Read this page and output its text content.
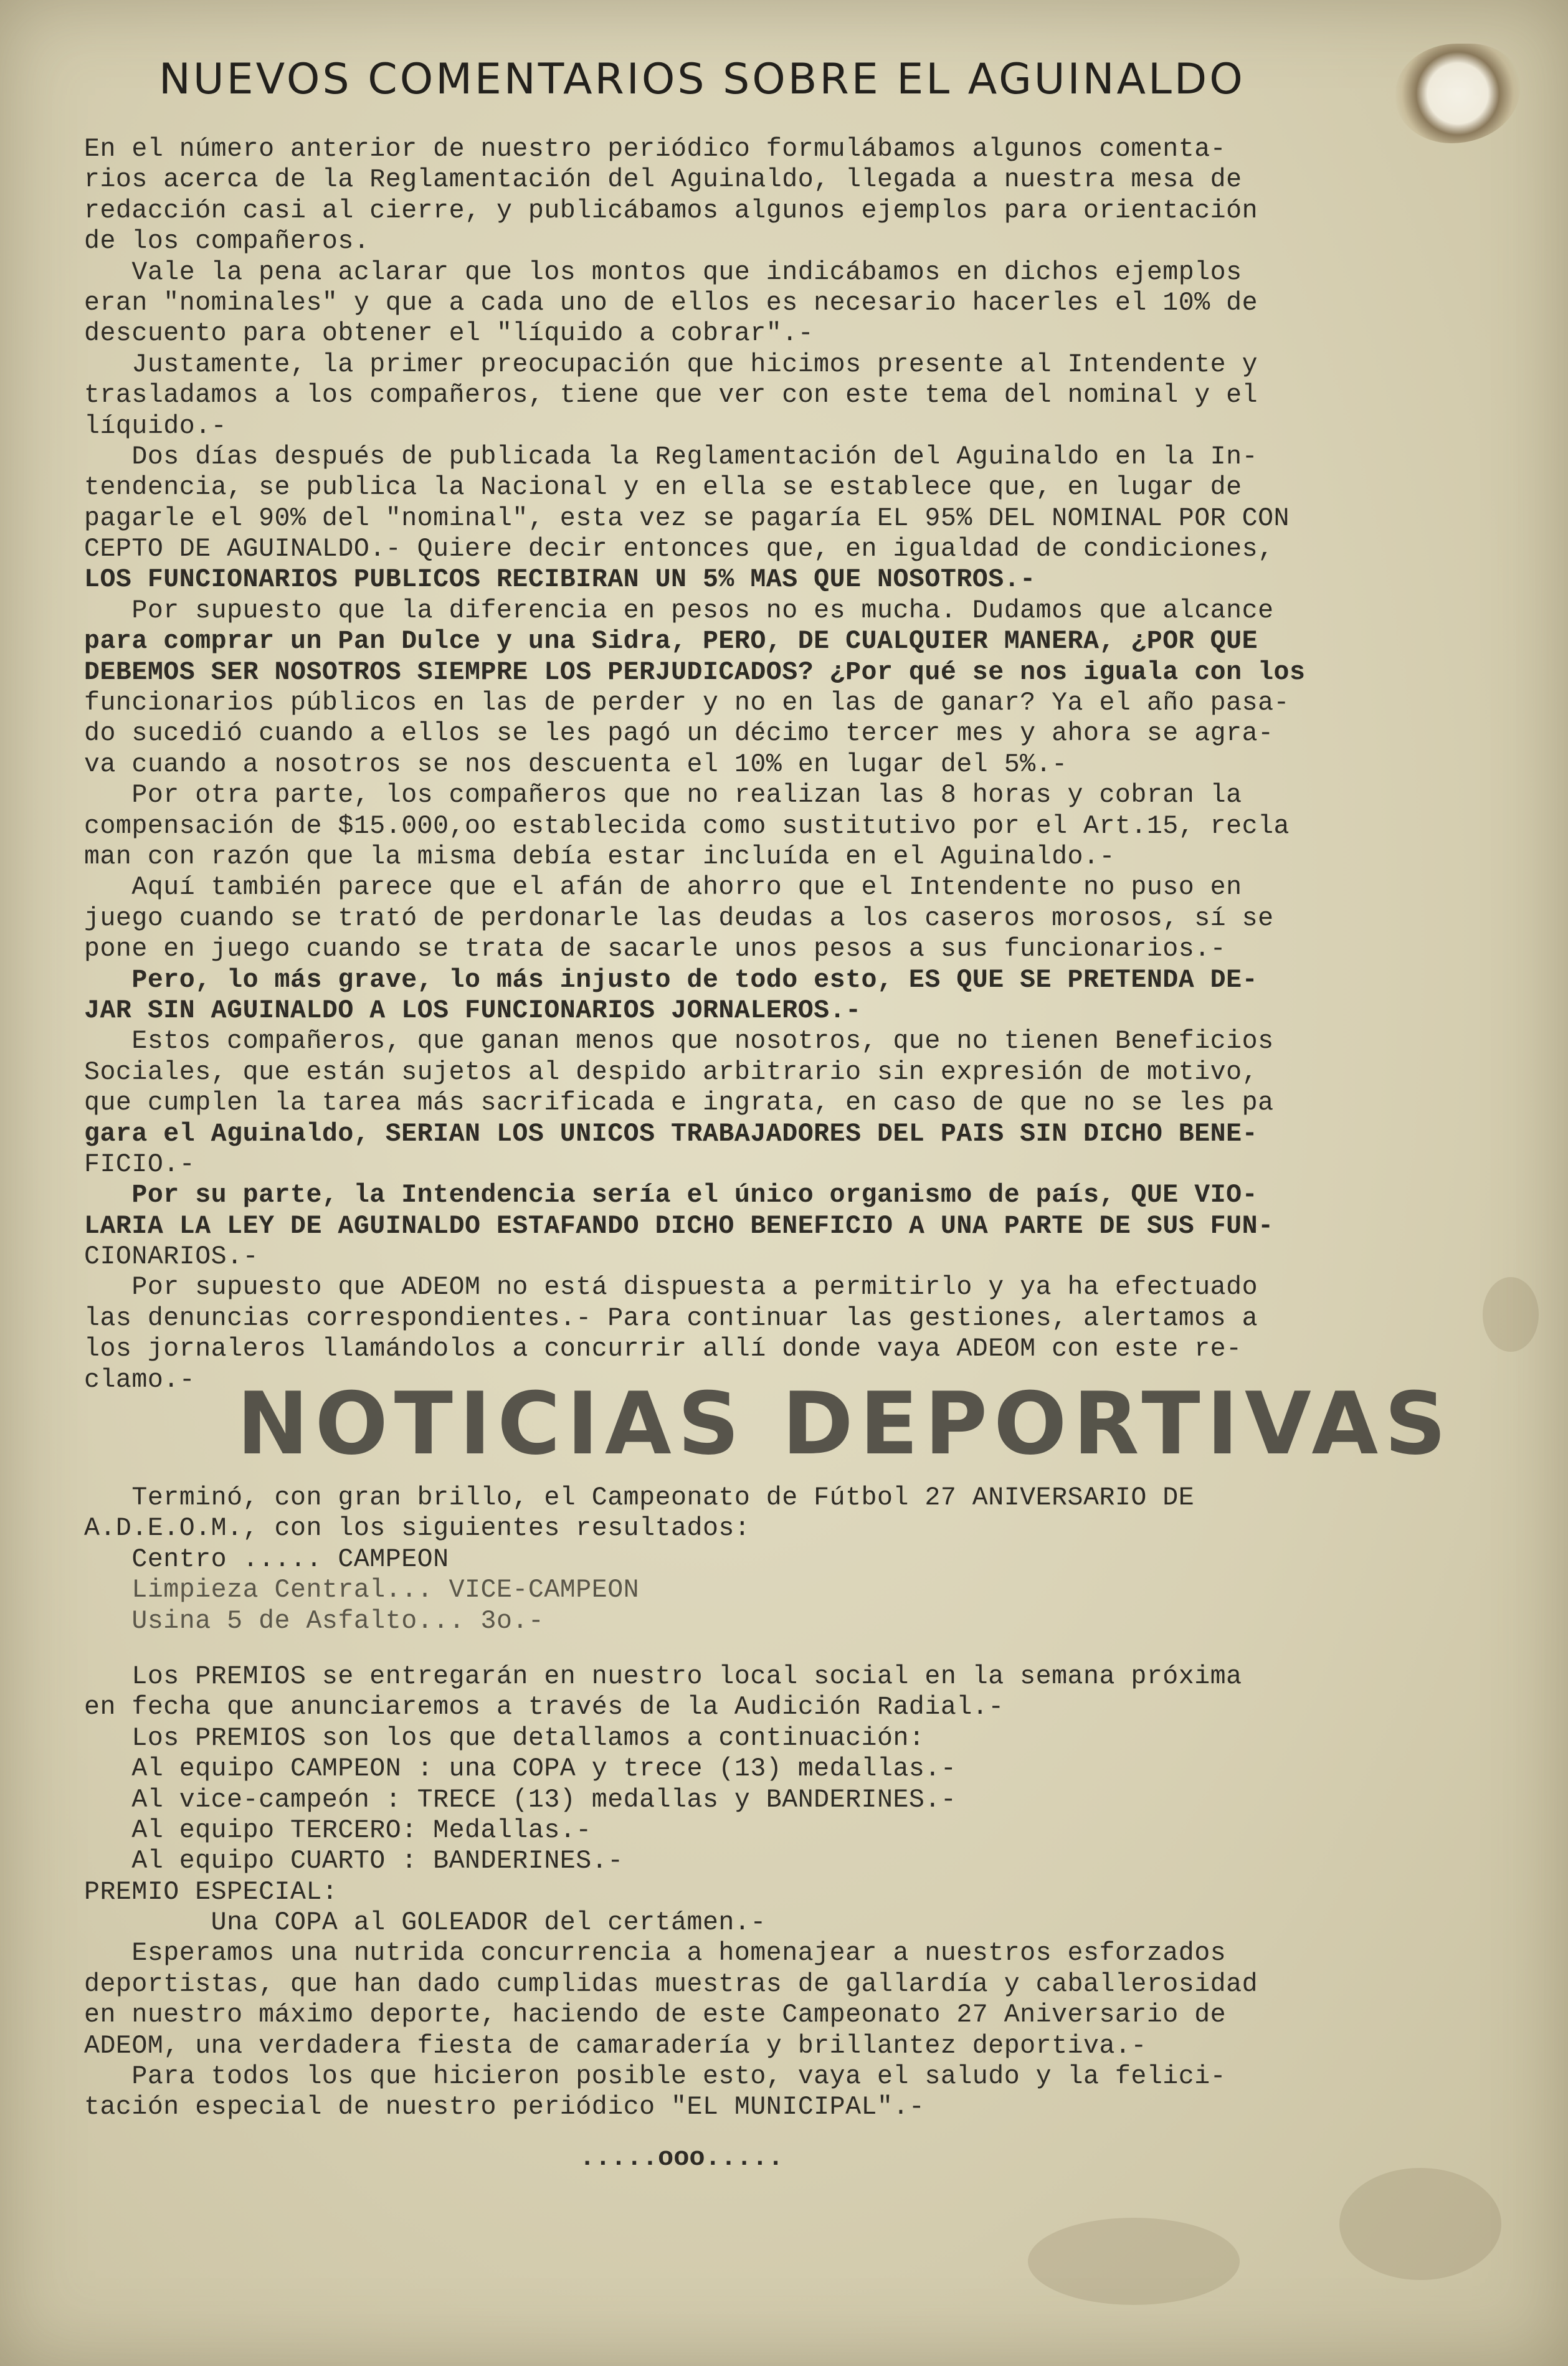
NUEVOS COMENTARIOS SOBRE EL AGUINALDO
En el número anterior de nuestro periódico formulábamos algunos comenta-
rios acerca de la Reglamentación del Aguinaldo, llegada a nuestra mesa de
redacción casi al cierre, y publicábamos algunos ejemplos para orientación
de los compañeros.
Vale la pena aclarar que los montos que indicábamos en dichos ejemplos
eran "nominales" y que a cada uno de ellos es necesario hacerles el 10% de
descuento para obtener el "líquido a cobrar".-
Justamente, la primer preocupación que hicimos presente al Intendente y
trasladamos a los compañeros, tiene que ver con este tema del nominal y el
líquido.-
Dos días después de publicada la Reglamentación del Aguinaldo en la In-
tendencia, se publica la Nacional y en ella se establece que, en lugar de
pagarle el 90% del "nominal", esta vez se pagaría EL 95% DEL NOMINAL POR CON
CEPTO DE AGUINALDO.- Quiere decir entonces que, en igualdad de condiciones,
LOS FUNCIONARIOS PUBLICOS RECIBIRAN UN 5% MAS QUE NOSOTROS.-
Por supuesto que la diferencia en pesos no es mucha. Dudamos que alcance
para comprar un Pan Dulce y una Sidra, PERO, DE CUALQUIER MANERA, ¿POR QUE
DEBEMOS SER NOSOTROS SIEMPRE LOS PERJUDICADOS? ¿Por qué se nos iguala con los
funcionarios públicos en las de perder y no en las de ganar? Ya el año pasa-
do sucedió cuando a ellos se les pagó un décimo tercer mes y ahora se agra-
va cuando a nosotros se nos descuenta el 10% en lugar del 5%.-
Por otra parte, los compañeros que no realizan las 8 horas y cobran la
compensación de $15.000,oo establecida como sustitutivo por el Art.15, recla
man con razón que la misma debía estar incluída en el Aguinaldo.-
Aquí también parece que el afán de ahorro que el Intendente no puso en
juego cuando se trató de perdonarle las deudas a los caseros morosos, sí se
pone en juego cuando se trata de sacarle unos pesos a sus funcionarios.-
Pero, lo más grave, lo más injusto de todo esto, ES QUE SE PRETENDA DE-
JAR SIN AGUINALDO A LOS FUNCIONARIOS JORNALEROS.-
Estos compañeros, que ganan menos que nosotros, que no tienen Beneficios
Sociales, que están sujetos al despido arbitrario sin expresión de motivo,
que cumplen la tarea más sacrificada e ingrata, en caso de que no se les pa
gara el Aguinaldo, SERIAN LOS UNICOS TRABAJADORES DEL PAIS SIN DICHO BENE-
FICIO.-
Por su parte, la Intendencia sería el único organismo de país, QUE VIO-
LARIA LA LEY DE AGUINALDO ESTAFANDO DICHO BENEFICIO A UNA PARTE DE SUS FUN-
CIONARIOS.-
Por supuesto que ADEOM no está dispuesta a permitirlo y ya ha efectuado
las denuncias correspondientes.- Para continuar las gestiones, alertamos a
los jornaleros llamándolos a concurrir allí donde vaya ADEOM con este re-
clamo.- NOTICIAS DEPORTIVAS
Terminó, con gran brillo, el Campeonato de Fútbol 27 ANIVERSARIO DE
A.D.E.O.M., con los siguientes resultados:
Centro ..... CAMPEON
Limpieza Central... VICE-CAMPEON
Usina 5 de Asfalto... 3o.-
Los PREMIOS se entregarán en nuestro local social en la semana próxima
en fecha que anunciaremos a través de la Audición Radial.-
Los PREMIOS son los que detallamos a continuación:
Al equipo CAMPEON : una COPA y trece (13) medallas.-
Al vice-campeón : TRECE (13) medallas y BANDERINES.-
Al equipo TERCERO: Medallas.-
Al equipo CUARTO : BANDERINES.-
PREMIO ESPECIAL:
Una COPA al GOLEADOR del certámen.-
Esperamos una nutrida concurrencia a homenajear a nuestros esforzados
deportistas, que han dado cumplidas muestras de gallardía y caballerosidad
en nuestro máximo deporte, haciendo de este Campeonato 27 Aniversario de
ADEOM, una verdadera fiesta de camaradería y brillantez deportiva.-
Para todos los que hicieron posible esto, vaya el saludo y la felici-
tación especial de nuestro periódico "EL MUNICIPAL".-
.....ooo.....
